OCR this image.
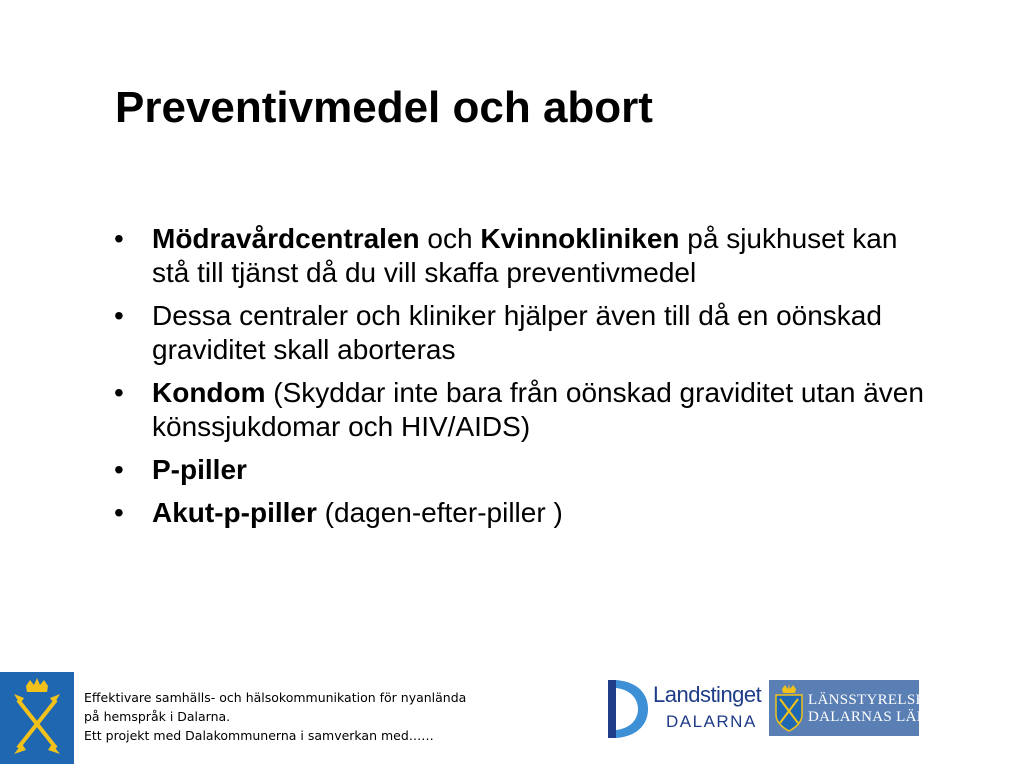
Preventivmedel och abort
• Mödravårdcentralen och Kvinnokliniken på sjukhuset kan stå till tjänst då du vill skaffa preventivmedel
• Dessa centraler och kliniker hjälper även till då en oönskad graviditet skall aborteras
• Kondom (Skyddar inte bara från oönskad graviditet utan även könssjukdomar och HIV/AIDS)
• P-piller
• Akut-p-piller (dagen-efter-piller )
Effektivare samhälls- och hälsokommunikation för nyanlända
på hemspråk i Dalarna.
Ett projekt med Dalakommunerna i samverkan med……
Landstinget
DALARNA
LÄNSSTYRELSEN
DALARNAS LÄN
